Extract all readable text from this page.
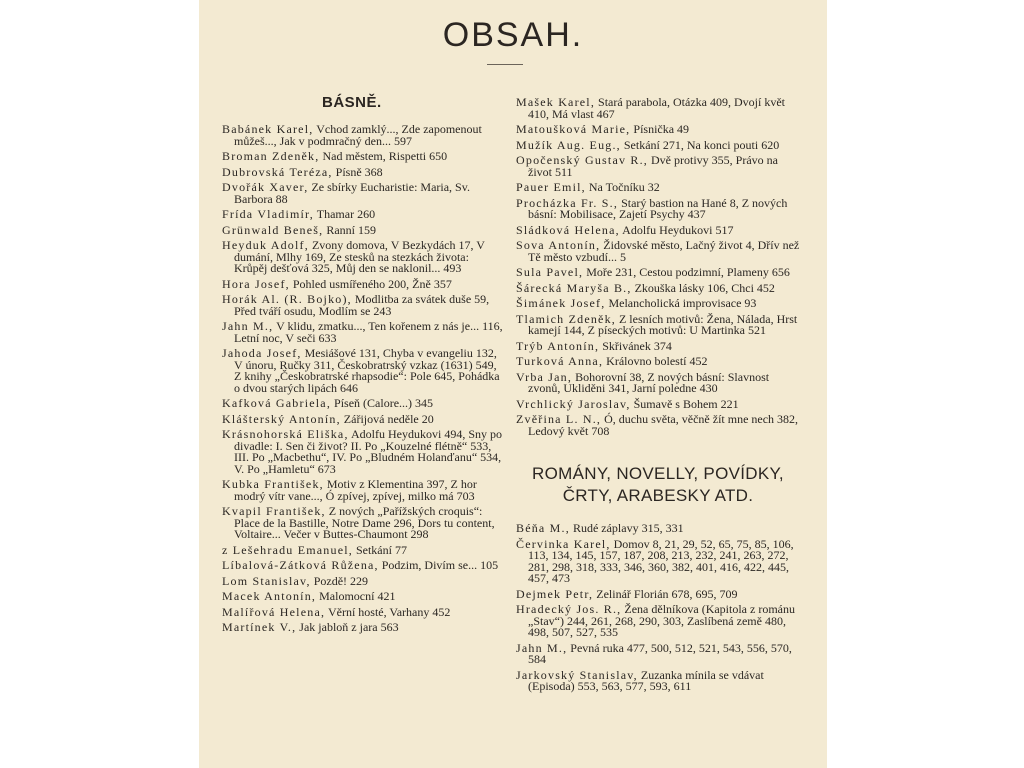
OBSAH.
BÁSNĚ.
Babánek Karel, Vchod zamklý..., Zde zapomenout můžeš..., Jak v podmračný den... 597
Broman Zdeněk, Nad městem, Rispetti 650
Dubrovská Teréza, Písně 368
Dvořák Xaver, Ze sbírky Eucharistie: Maria, Sv. Barbora 88
Frída Vladimír, Thamar 260
Grünwald Beneš, Ranní 159
Heyduk Adolf, Zvony domova, V Bezkydách 17, V dumání, Mlhy 169, Ze stesků na stezkách života: Krůpěj dešťová 325, Můj den se naklonil... 493
Hora Josef, Pohled usmířeného 200, Žně 357
Horák Al. (R. Bojko), Modlitba za svátek duše 59, Před tváří osudu, Modlím se 243
Jahn M., V klidu, zmatku..., Ten kořenem z nás je... 116, Letní noc, V seči 633
Jahoda Josef, Mesiášové 131, Chyba v evangeliu 132, V únoru, Ručky 311, Českobratrský vzkaz (1631) 549, Z knihy „Českobratrské rhapsodie“: Pole 645, Pohádka o dvou starých lipách 646
Kafková Gabriela, Píseň (Calore...) 345
Klášterský Antonín, Zářijová neděle 20
Krásnohorská Eliška, Adolfu Heydukovi 494, Sny po divadle: I. Sen či život? II. Po „Kouzelné flétně“ 533, III. Po „Macbethu“, IV. Po „Bludném Holanďanu“ 534, V. Po „Hamletu“ 673
Kubka František, Motiv z Klementina 397, Z hor modrý vítr vane..., Ó zpívej, zpívej, milko má 703
Kvapil František, Z nových „Pařížských croquis“: Place de la Bastille, Notre Dame 296, Dors tu content, Voltaire... Večer v Buttes-Chaumont 298
z Lešehradu Emanuel, Setkání 77
Líbalová-Zátková Růžena, Podzim, Divím se... 105
Lom Stanislav, Pozdě! 229
Macek Antonín, Malomocní 421
Malířová Helena, Věrní hosté, Varhany 452
Martínek V., Jak jabloň z jara 563
Mašek Karel, Stará parabola, Otázka 409, Dvojí květ 410, Má vlast 467
Matoušková Marie, Písnička 49
Mužík Aug. Eug., Setkání 271, Na konci pouti 620
Opočenský Gustav R., Dvě protivy 355, Právo na život 511
Pauer Emil, Na Točníku 32
Procházka Fr. S., Starý bastion na Hané 8, Z nových básní: Mobilisace, Zajetí Psychy 437
Sládková Helena, Adolfu Heydukovi 517
Sova Antonín, Židovské město, Lačný život 4, Dřív než Tě město vzbudí... 5
Sula Pavel, Moře 231, Cestou podzimní, Plameny 656
Šárecká Maryša B., Zkouška lásky 106, Chci 452
Šimánek Josef, Melancholická improvisace 93
Tlamich Zdeněk, Z lesních motivů: Žena, Nálada, Hrst kamejí 144, Z píseckých motivů: U Martinka 521
Trýb Antonín, Skřivánek 374
Turková Anna, Královno bolestí 452
Vrba Jan, Bohorovní 38, Z nových básní: Slavnost zvonů, Ukliděni 341, Jarní poledne 430
Vrchlický Jaroslav, Šumavě s Bohem 221
Zvěřina L. N., Ó, duchu světa, věčně žít mne nech 382, Ledový květ 708
ROMÁNY, NOVELLY, POVÍDKY,
ČRTY, ARABESKY ATD.
Béňa M., Rudé záplavy 315, 331
Červinka Karel, Domov 8, 21, 29, 52, 65, 75, 85, 106, 113, 134, 145, 157, 187, 208, 213, 232, 241, 263, 272, 281, 298, 318, 333, 346, 360, 382, 401, 416, 422, 445, 457, 473
Dejmek Petr, Zelinář Florián 678, 695, 709
Hradecký Jos. R., Žena dělníkova (Kapitola z románu „Stav“) 244, 261, 268, 290, 303, Zaslíbená země 480, 498, 507, 527, 535
Jahn M., Pevná ruka 477, 500, 512, 521, 543, 556, 570, 584
Jarkovský Stanislav, Zuzanka mínila se vdávat (Episoda) 553, 563, 577, 593, 611
